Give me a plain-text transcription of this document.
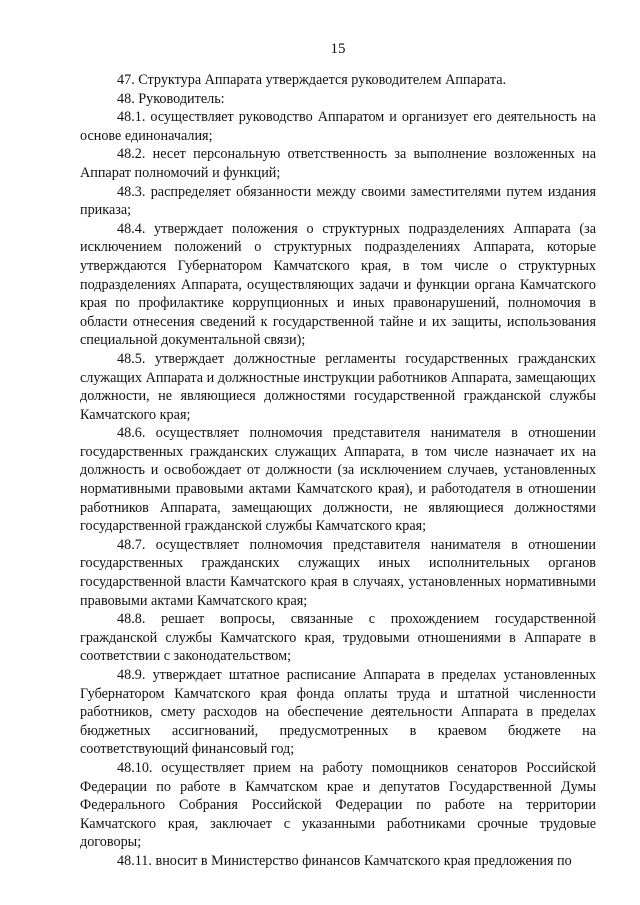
15

47. Структура Аппарата утверждается руководителем Аппарата.

48. Руководитель:

48.1. осуществляет руководство Аппаратом и организует его деятельность на основе единоначалия;

48.2. несет персональную ответственность за выполнение возложенных на Аппарат полномочий и функций;

48.3. распределяет обязанности между своими заместителями путем издания приказа;

48.4. утверждает положения о структурных подразделениях Аппарата (за исключением положений о структурных подразделениях Аппарата, которые утверждаются Губернатором Камчатского края, в том числе о структурных подразделениях Аппарата, осуществляющих задачи и функции органа Камчатского края по профилактике коррупционных и иных правонарушений, полномочия в области отнесения сведений к государственной тайне и их защиты, использования специальной документальной связи);

48.5. утверждает должностные регламенты государственных гражданских служащих Аппарата и должностные инструкции работников Аппарата, замещающих должности, не являющиеся должностями государственной гражданской службы Камчатского края;

48.6. осуществляет полномочия представителя нанимателя в отношении государственных гражданских служащих Аппарата, в том числе назначает их на должность и освобождает от должности (за исключением случаев, установленных нормативными правовыми актами Камчатского края), и работодателя в отношении работников Аппарата, замещающих должности, не являющиеся должностями государственной гражданской службы Камчатского края;

48.7. осуществляет полномочия представителя нанимателя в отношении государственных гражданских служащих иных исполнительных органов государственной власти Камчатского края в случаях, установленных нормативными правовыми актами Камчатского края;

48.8. решает вопросы, связанные с прохождением государственной гражданской службы Камчатского края, трудовыми отношениями в Аппарате в соответствии с законодательством;

48.9. утверждает штатное расписание Аппарата в пределах установленных Губернатором Камчатского края фонда оплаты труда и штатной численности работников, смету расходов на обеспечение деятельности Аппарата в пределах бюджетных ассигнований, предусмотренных в краевом бюджете на соответствующий финансовый год;

48.10. осуществляет прием на работу помощников сенаторов Российской Федерации по работе в Камчатском крае и депутатов Государственной Думы Федерального Собрания Российской Федерации по работе на территории Камчатского края, заключает с указанными работниками срочные трудовые договоры;

48.11. вносит в Министерство финансов Камчатского края предложения по
